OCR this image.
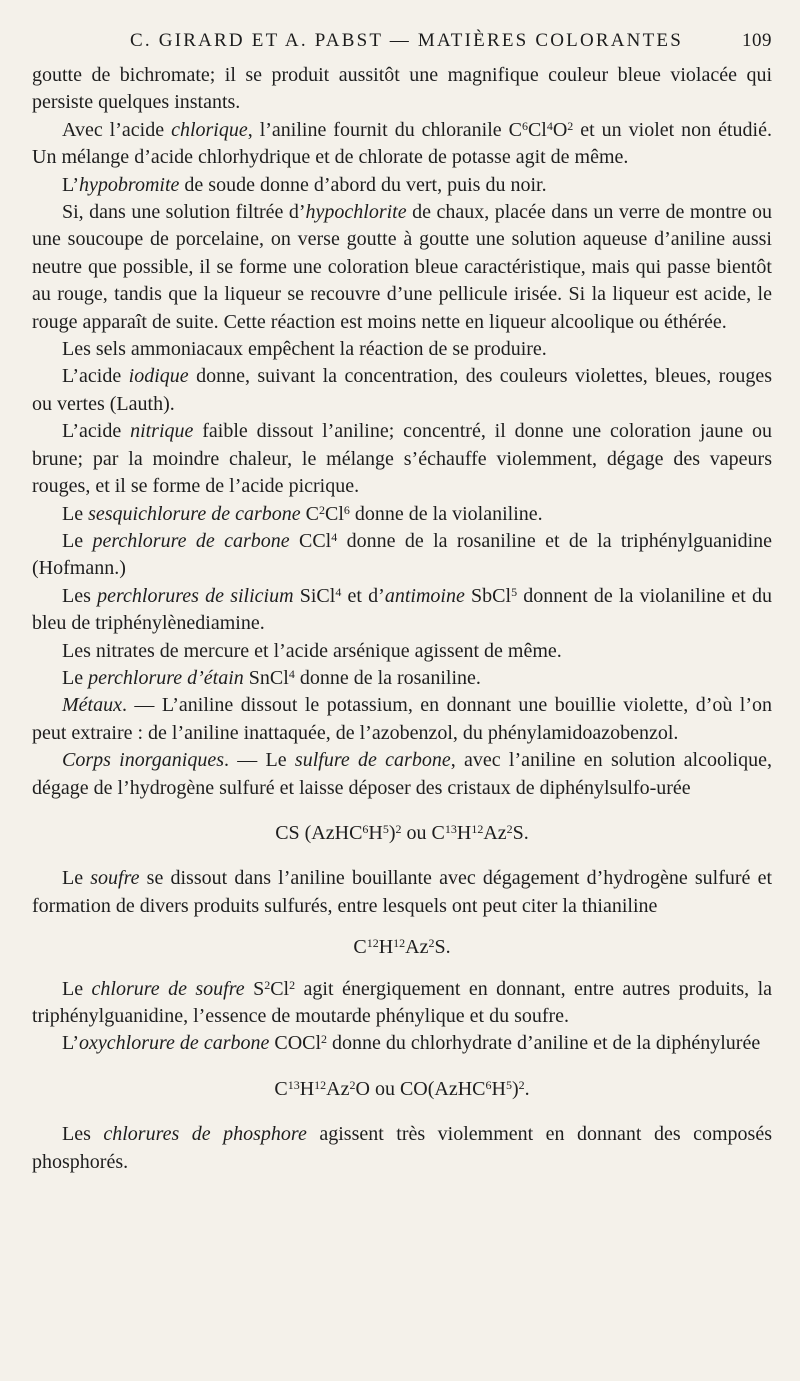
C. GIRARD ET A. PABST — MATIÈRES COLORANTES	109

goutte de bichromate; il se produit aussitôt une magnifique couleur bleue violacée qui persiste quelques instants.

Avec l’acide chlorique, l’aniline fournit du chloranile $C^6Cl^4O^2$ et un violet non étudié. Un mélange d’acide chlorhydrique et de chlorate de potasse agit de même.

L’hypobromite de soude donne d’abord du vert, puis du noir.

Si, dans une solution filtrée d’hypochlorite de chaux, placée dans un verre de montre ou une soucoupe de porcelaine, on verse goutte à goutte une solution aqueuse d’aniline aussi neutre que possible, il se forme une coloration bleue caractéristique, mais qui passe bientôt au rouge, tandis que la liqueur se recouvre d’une pellicule irisée. Si la liqueur est acide, le rouge apparaît de suite. Cette réaction est moins nette en liqueur alcoolique ou éthérée.

Les sels ammoniacaux empêchent la réaction de se produire.

L’acide iodique donne, suivant la concentration, des couleurs violettes, bleues, rouges ou vertes (Lauth).

L’acide nitrique faible dissout l’aniline; concentré, il donne une coloration jaune ou brune; par la moindre chaleur, le mélange s’échauffe violemment, dégage des vapeurs rouges, et il se forme de l’acide picrique.

Le sesquichlorure de carbone $C^2Cl^6$ donne de la violaniline.

Le perchlorure de carbone CCl$^4$ donne de la rosaniline et de la triphénylguanidine (Hofmann.)

Les perchlorures de silicium SiCl$^4$ et d’antimoine SbCl$^5$ donnent de la violaniline et du bleu de triphénylènediamine.

Les nitrates de mercure et l’acide arsénique agissent de même.

Le perchlorure d’étain SnCl$^4$ donne de la rosaniline.

Métaux. — L’aniline dissout le potassium, en donnant une bouillie violette, d’où l’on peut extraire : de l’aniline inattaquée, de l’azobenzol, du phénylamidoazobenzol.

Corps inorganiques. — Le sulfure de carbone, avec l’aniline en solution alcoolique, dégage de l’hydrogène sulfuré et laisse déposer des cristaux de diphénylsulfo-urée

CS $(AzHC^6H^5)^2$ ou $C^{13}H^{12}Az^2S$.

Le soufre se dissout dans l’aniline bouillante avec dégagement d’hydrogène sulfuré et formation de divers produits sulfurés, entre lesquels ont peut citer la thianiline

$C^{12}H^{12}Az^2S$.

Le chlorure de soufre $S^2Cl^2$ agit énergiquement en donnant, entre autres produits, la triphénylguanidine, l’essence de moutarde phénylique et du soufre.

L’oxychlorure de carbone COCl$^2$ donne du chlorhydrate d’aniline et de la diphénylurée

$C^{13}H^{12}Az^2O$ ou $CO(AzHC^6H^5)^2$.

Les chlorures de phosphore agissent très violemment en donnant des composés phosphorés.
